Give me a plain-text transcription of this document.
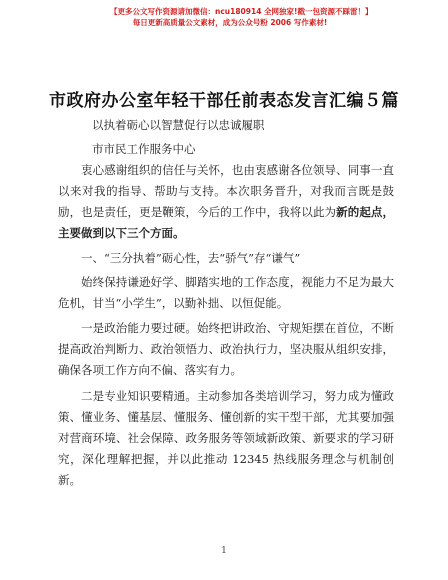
【更多公文写作资源请加微信：ncu180914 全网独家!戳一包资源不踩雷！】
每日更新高质量公文素材，成为公众号粉 2006 写作素材!
市政府办公室年轻干部任前表态发言汇编５篇
以执着砺心以智慧促行以忠诚履职
市市民工作服务中心

衷心感谢组织的信任与关怀，也由衷感谢各位领导、同事一直以来对我的指导、帮助与支持。本次职务晋升，对我而言既是鼓励，也是责任，更是鞭策，今后的工作中，我将以此为新的起点，主要做到以下三个方面。

一、“三分执着”砺心性，去“骄气”存“谦气”

始终保持谦逊好学、脚踏实地的工作态度，视能力不足为最大危机，甘当“小学生”，以勤补拙、以恒促能。

一是政治能力要过硬。始终把讲政治、守规矩摆在首位，不断提高政治判断力、政治领悟力、政治执行力，坚决服从组织安排，确保各项工作方向不偏、落实有力。

二是专业知识要精通。主动参加各类培训学习，努力成为懂政策、懂业务、懂基层、懂服务、懂创新的实干型干部，尤其要加强对营商环境、社会保障、政务服务等领域新政策、新要求的学习研究，深化理解把握，并以此推动 12345 热线服务理念与机制创新。

1
